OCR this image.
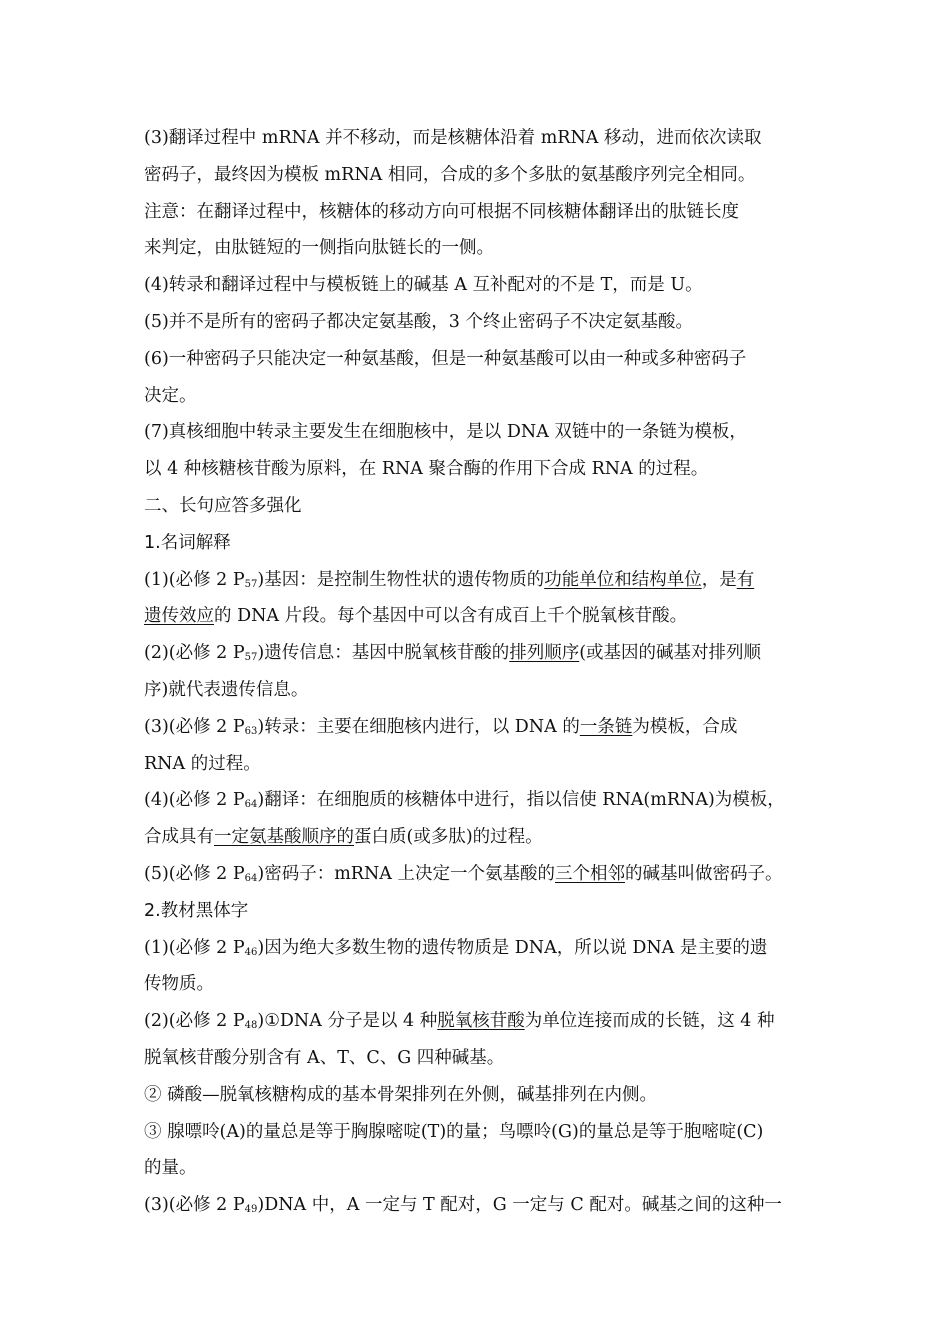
(3)翻译过程中 mRNA 并不移动，而是核糖体沿着 mRNA 移动，进而依次读取
密码子，最终因为模板 mRNA 相同，合成的多个多肽的氨基酸序列完全相同。
注意：在翻译过程中，核糖体的移动方向可根据不同核糖体翻译出的肽链长度
来判定，由肽链短的一侧指向肽链长的一侧。
(4)转录和翻译过程中与模板链上的碱基 A 互补配对的不是 T，而是 U。
(5)并不是所有的密码子都决定氨基酸，3 个终止密码子不决定氨基酸。
(6)一种密码子只能决定一种氨基酸，但是一种氨基酸可以由一种或多种密码子
决定。
(7)真核细胞中转录主要发生在细胞核中，是以 DNA 双链中的一条链为模板，
以 4 种核糖核苷酸为原料，在 RNA 聚合酶的作用下合成 RNA 的过程。
二、长句应答多强化
1.名词解释
(1)(必修 2 $P_{57}$)基因：是控制生物性状的遗传物质的功能单位和结构单位，是有
遗传效应的 DNA 片段。每个基因中可以含有成百上千个脱氧核苷酸。
(2)(必修 2 $P_{57}$)遗传信息：基因中脱氧核苷酸的排列顺序(或基因的碱基对排列顺
序)就代表遗传信息。
(3)(必修 2 $P_{63}$)转录：主要在细胞核内进行，以 DNA 的一条链为模板，合成
RNA 的过程。
(4)(必修 2 $P_{64}$)翻译：在细胞质的核糖体中进行，指以信使 RNA(mRNA)为模板，
合成具有一定氨基酸顺序的蛋白质(或多肽)的过程。
(5)(必修 2 $P_{64}$)密码子：mRNA 上决定一个氨基酸的三个相邻的碱基叫做密码子。
2.教材黑体字
(1)(必修 2 $P_{46}$)因为绝大多数生物的遗传物质是 DNA，所以说 DNA 是主要的遗
传物质。
(2)(必修 2 $P_{48})①DNA$ 分子是以 4 种脱氧核苷酸为单位连接而成的长链，这 4 种
脱氧核苷酸分别含有 A、T、C、G 四种碱基。
② 磷酸—脱氧核糖构成的基本骨架排列在外侧，碱基排列在内侧。
③ 腺嘌呤(A)的量总是等于胸腺嘧啶(T)的量；鸟嘌呤(G)的量总是等于胞嘧啶(C)
的量。
(3)(必修 2 $P_{49})DNA$ 中，A 一定与 T 配对，G 一定与 C 配对。碱基之间的这种一
